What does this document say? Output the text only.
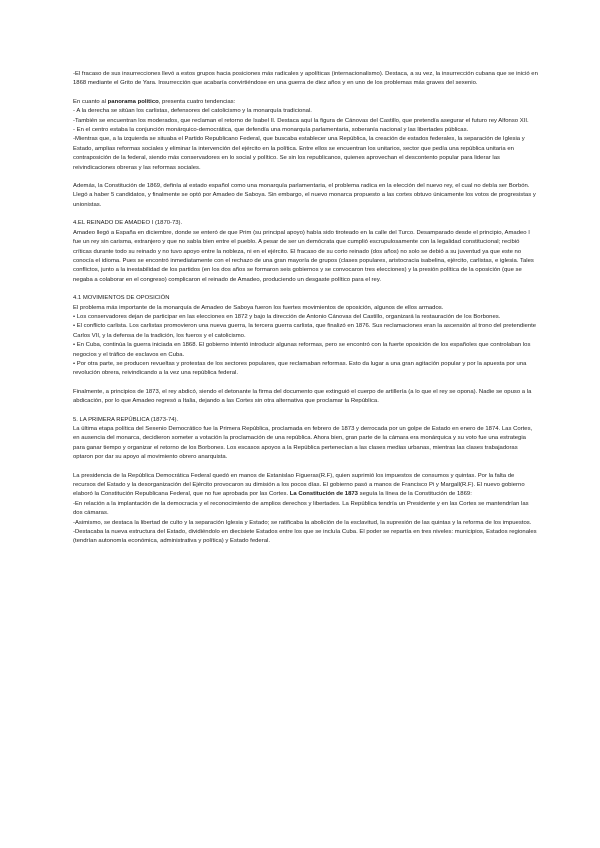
-El fracaso de sus insurrecciones llevó a estos grupos hacia posiciones más radicales y apolíticas (internacionalismo). Destaca, a su vez, la insurrección cubana que se inició en 1868 mediante el Grito de Yara. Insurrección que acabaría convirtiéndose en una guerra de diez años y en uno de los problemas más graves del sexenio.

En cuanto al panorama político, presenta cuatro tendencias:
- A la derecha se sitúan los carlistas, defensores del catolicismo y la monarquía tradicional.
-También se encuentran los moderados, que reclaman el retorno de Isabel II. Destaca aquí la figura de Cánovas del Castillo, que pretendía asegurar el futuro rey Alfonso XII.
- En el centro estaba la conjunción monárquico-democrática, que defendía una monarquía parlamentaria, soberanía nacional y las libertades públicas.
-Mientras que, a la izquierda se situaba el Partido Republicano Federal, que buscaba establecer una República, la creación de estados federales, la separación de Iglesia y Estado, amplias reformas sociales y eliminar la intervención del ejército en la política. Entre ellos se encuentran los unitarios, sector que pedía una república unitaria en contraposición de la federal, siendo más conservadores en lo social y político. Se sin los republicanos, quienes aprovechan el descontento popular para liderar las reivindicaciones obreras y las reformas sociales.

Además, la Constitución de 1869, definía al estado español como una monarquía parlamentaria, el problema radica en la elección del nuevo rey, el cual no debía ser Borbón. Llegó a haber 5 candidatos, y finalmente se optó por Amadeo de Saboya. Sin embargo, el nuevo monarca propuesto a las cortes obtuvo únicamente los votos de progresistas y unionistas.

4.EL REINADO DE AMADEO I (1870-73).

Amadeo llegó a España en diciembre, donde se enteró de que Prim (su principal apoyo) había sido tiroteado en la calle del Turco. Desamparado desde el principio, Amadeo I fue un rey sin carisma, extranjero y que no sabía bien entre el pueblo. A pesar de ser un demócrata que cumplió escrupulosamente con la legalidad constitucional; recibió críticas durante todo su reinado y no tuvo apoyo entre la nobleza, ni en el ejército. El fracaso de su corto reinado (dos años) no solo se debió a su juventud ya que este no conocía el idioma. Pues se encontró inmediatamente con el rechazo de una gran mayoría de grupos (clases populares, aristocracia isabelina, ejército, carlistas, e iglesia. Tales conflictos, junto a la inestabilidad de los partidos (en los dos años se formaron seis gobiernos y se convocaron tres elecciones) y la presión política de la oposición (que se negaba a colaborar en el congreso) complicaron el reinado de Amadeo, produciendo un desgaste político para el rey.

4.1 MOVIMIENTOS DE OPOSICIÓN

El problema más importante de la monarquía de Amadeo de Saboya fueron los fuertes movimientos de oposición, algunos de ellos armados.
• Los conservadores dejan de participar en las elecciones en 1872 y bajo la dirección de Antonio Cánovas del Castillo, organizará la restauración de los Borbones.
• El conflicto carlista. Los carlistas promovieron una nueva guerra, la tercera guerra carlista, que finalizó en 1876. Sus reclamaciones eran la ascensión al trono del pretendiente Carlos VII, y la defensa de la tradición, los fueros y el catolicismo.
• En Cuba, continúa la guerra iniciada en 1868. El gobierno intentó introducir algunas reformas, pero se encontró con la fuerte oposición de los españoles que controlaban los negocios y el tráfico de esclavos en Cuba.
• Por otra parte, se producen revueltas y protestas de los sectores populares, que reclamaban reformas. Esto da lugar a una gran agitación popular y por la apuesta por una revolución obrera, reivindicando a la vez una república federal.

Finalmente, a principios de 1873, el rey abdicó, siendo el detonante la firma del documento que extinguió el cuerpo de artillería (a lo que el rey se opona). Nadie se opuso a la abdicación, por lo que Amadeo regresó a Italia, dejando a las Cortes sin otra alternativa que proclamar la República.

5. LA PRIMERA REPÚBLICA (1873-74).

La última etapa política del Sexenio Democrático fue la Primera República, proclamada en febrero de 1873 y derrocada por un golpe de Estado en enero de 1874. Las Cortes, en ausencia del monarca, decidieron someter a votación la proclamación de una república. Ahora bien, gran parte de la cámara era monárquica y su voto fue una estrategia para ganar tiempo y organizar el retorno de los Borbones. Los escasos apoyos a la República pertenecían a las clases medias urbanas, mientras las clases trabajadoras optaron por dar su apoyo al movimiento obrero anarquista.

La presidencia de la República Democrática Federal quedó en manos de Estanislao Figueras(R.F), quien suprimió los impuestos de consumos y quintas. Por la falta de recursos del Estado y la desorganización del Ejército provocaron su dimisión a los pocos días. El gobierno pasó a manos de Francisco Pi y Margall(R.F). El nuevo gobierno elaboró la Constitución Republicana Federal, que no fue aprobada por las Cortes. La Constitución de 1873 seguía la línea de la Constitución de 1869:
-En relación a la implantación de la democracia y el reconocimiento de amplios derechos y libertades. La República tendría un Presidente y en las Cortes se mantendrían las dos cámaras.
-Asimismo, se destaca la libertad de culto y la separación Iglesia y Estado; se ratificaba la abolición de la esclavitud, la supresión de las quintas y la reforma de los impuestos.
-Destacaba la nueva estructura del Estado, dividiéndolo en diecisiete Estados entre los que se incluía Cuba. El poder se repartía en tres niveles: municipios, Estados regionales (tendrían autonomía económica, administrativa y política) y Estado federal.
